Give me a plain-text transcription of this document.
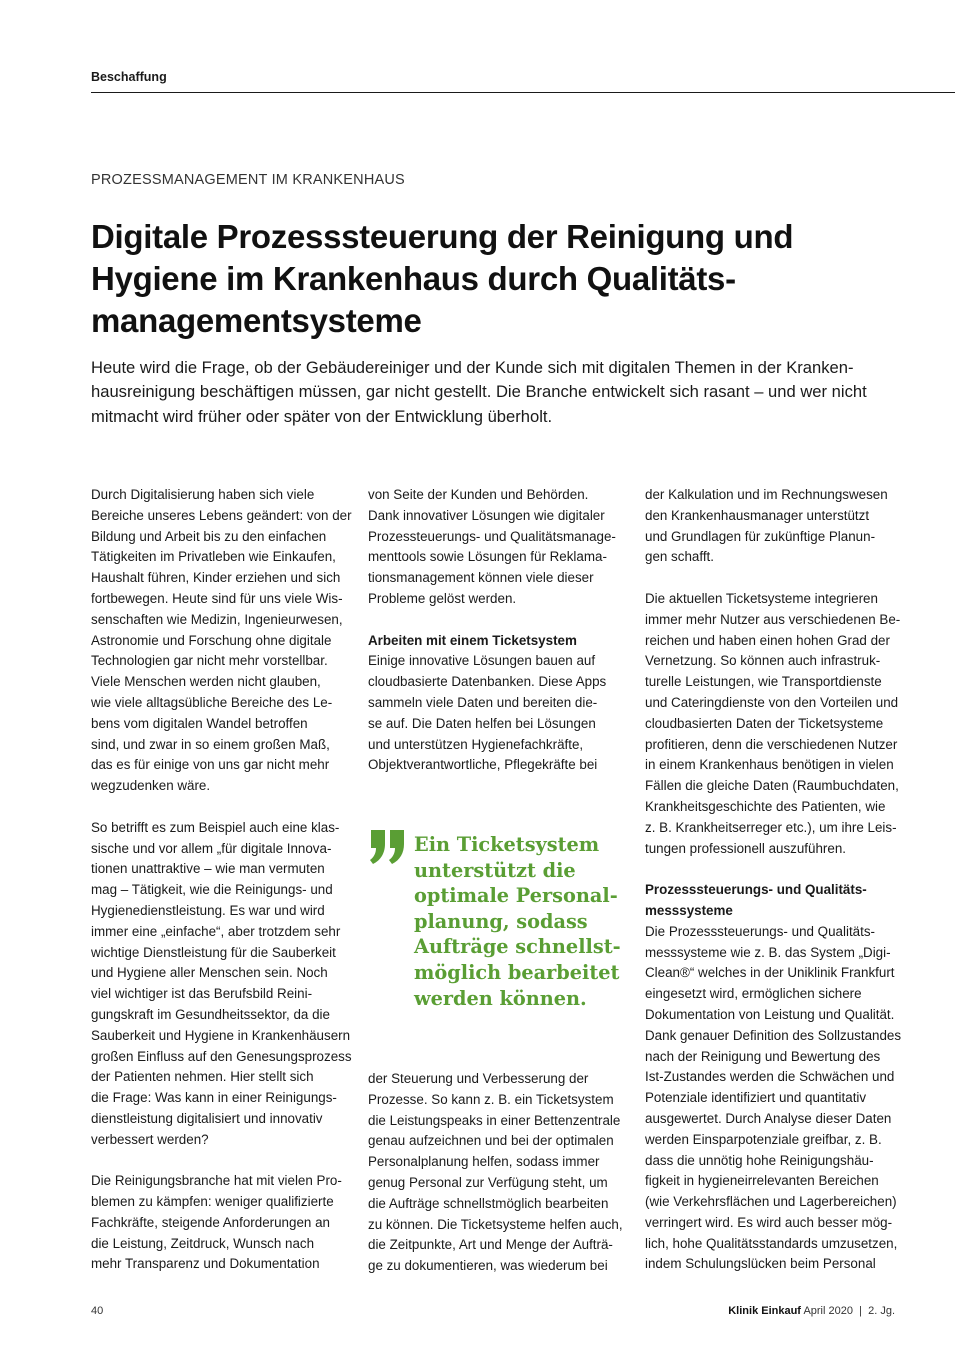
Beschaffung
PROZESSMANAGEMENT IM KRANKENHAUS
Digitale Prozesssteuerung der Reinigung und
Hygiene im Krankenhaus durch Qualitäts-
managementsysteme

Heute wird die Frage, ob der Gebäudereiniger und der Kunde sich mit digitalen Themen in der Kranken-
hausreinigung beschäftigen müssen, gar nicht gestellt. Die Branche entwickelt sich rasant – und wer nicht
mitmacht wird früher oder später von der Entwicklung überholt.

Durch Digitalisierung haben sich viele
Bereiche unseres Lebens geändert: von der
Bildung und Arbeit bis zu den einfachen
Tätigkeiten im Privatleben wie Einkaufen,
Haushalt führen, Kinder erziehen und sich
fortbewegen. Heute sind für uns viele Wis-
senschaften wie Medizin, Ingenieurwesen,
Astronomie und Forschung ohne digitale
Technologien gar nicht mehr vorstellbar.
Viele Menschen werden nicht glauben,
wie viele alltagsübliche Bereiche des Le-
bens vom digitalen Wandel betroffen
sind, und zwar in so einem großen Maß,
das es für einige von uns gar nicht mehr
wegzudenken wäre.

So betrifft es zum Beispiel auch eine klas-
sische und vor allem „für digitale Innova-
tionen unattraktive – wie man vermuten
mag – Tätigkeit, wie die Reinigungs- und
Hygienedienstleistung. Es war und wird
immer eine „einfache“, aber trotzdem sehr
wichtige Dienstleistung für die Sauberkeit
und Hygiene aller Menschen sein. Noch
viel wichtiger ist das Berufsbild Reini-
gungskraft im Gesundheitssektor, da die
Sauberkeit und Hygiene in Krankenhäusern
großen Einfluss auf den Genesungsprozess
der Patienten nehmen. Hier stellt sich
die Frage: Was kann in einer Reinigungs-
dienstleistung digitalisiert und innovativ
verbessert werden?

Die Reinigungsbranche hat mit vielen Pro-
blemen zu kämpfen: weniger qualifizierte
Fachkräfte, steigende Anforderungen an
die Leistung, Zeitdruck, Wunsch nach
mehr Transparenz und Dokumentation

von Seite der Kunden und Behörden.
Dank innovativer Lösungen wie digitaler
Prozessteuerungs- und Qualitätsmanage-
menttools sowie Lösungen für Reklama-
tionsmanagement können viele dieser
Probleme gelöst werden.

Arbeiten mit einem Ticketsystem

Einige innovative Lösungen bauen auf
cloudbasierte Datenbanken. Diese Apps
sammeln viele Daten und bereiten die-
se auf. Die Daten helfen bei Lösungen
und unterstützen Hygienefachkräfte,
Objektverantwortliche, Pflegekräfte bei

Ein Ticketsystem
unterstützt die
optimale Personal-
planung, sodass
Aufträge schnellst-
möglich bearbeitet
werden können.

der Steuerung und Verbesserung der
Prozesse. So kann z. B. ein Ticketsystem
die Leistungspeaks in einer Bettenzentrale
genau aufzeichnen und bei der optimalen
Personalplanung helfen, sodass immer
genug Personal zur Verfügung steht, um
die Aufträge schnellstmöglich bearbeiten
zu können. Die Ticketsysteme helfen auch,
die Zeitpunkte, Art und Menge der Aufträ-
ge zu dokumentieren, was wiederum bei

der Kalkulation und im Rechnungswesen
den Krankenhausmanager unterstützt
und Grundlagen für zukünftige Planun-
gen schafft.

Die aktuellen Ticketsysteme integrieren
immer mehr Nutzer aus verschiedenen Be-
reichen und haben einen hohen Grad der
Vernetzung. So können auch infrastruk-
turelle Leistungen, wie Transportdienste
und Cateringdienste von den Vorteilen und
cloudbasierten Daten der Ticketsysteme
profitieren, denn die verschiedenen Nutzer
in einem Krankenhaus benötigen in vielen
Fällen die gleiche Daten (Raumbuchdaten,
Krankheitsgeschichte des Patienten, wie
z. B. Krankheitserreger etc.), um ihre Leis-
tungen professionell auszuführen.

Prozesssteuerungs- und Qualitäts-
messsysteme

Die Prozesssteuerungs- und Qualitäts-
messsysteme wie z. B. das System „Digi-
Clean®“ welches in der Uniklinik Frankfurt
eingesetzt wird, ermöglichen sichere
Dokumentation von Leistung und Qualität.
Dank genauer Definition des Sollzustandes
nach der Reinigung und Bewertung des
Ist-Zustandes werden die Schwächen und
Potenziale identifiziert und quantitativ
ausgewertet. Durch Analyse dieser Daten
werden Einsparpotenziale greifbar, z. B.
dass die unnötig hohe Reinigungshäu-
figkeit in hygieneirrelevanten Bereichen
(wie Verkehrsflächen und Lagerbereichen)
verringert wird. Es wird auch besser mög-
lich, hohe Qualitätsstandards umzusetzen,
indem Schulungslücken beim Personal

40	Klinik Einkauf April 2020 | 2. Jg.
